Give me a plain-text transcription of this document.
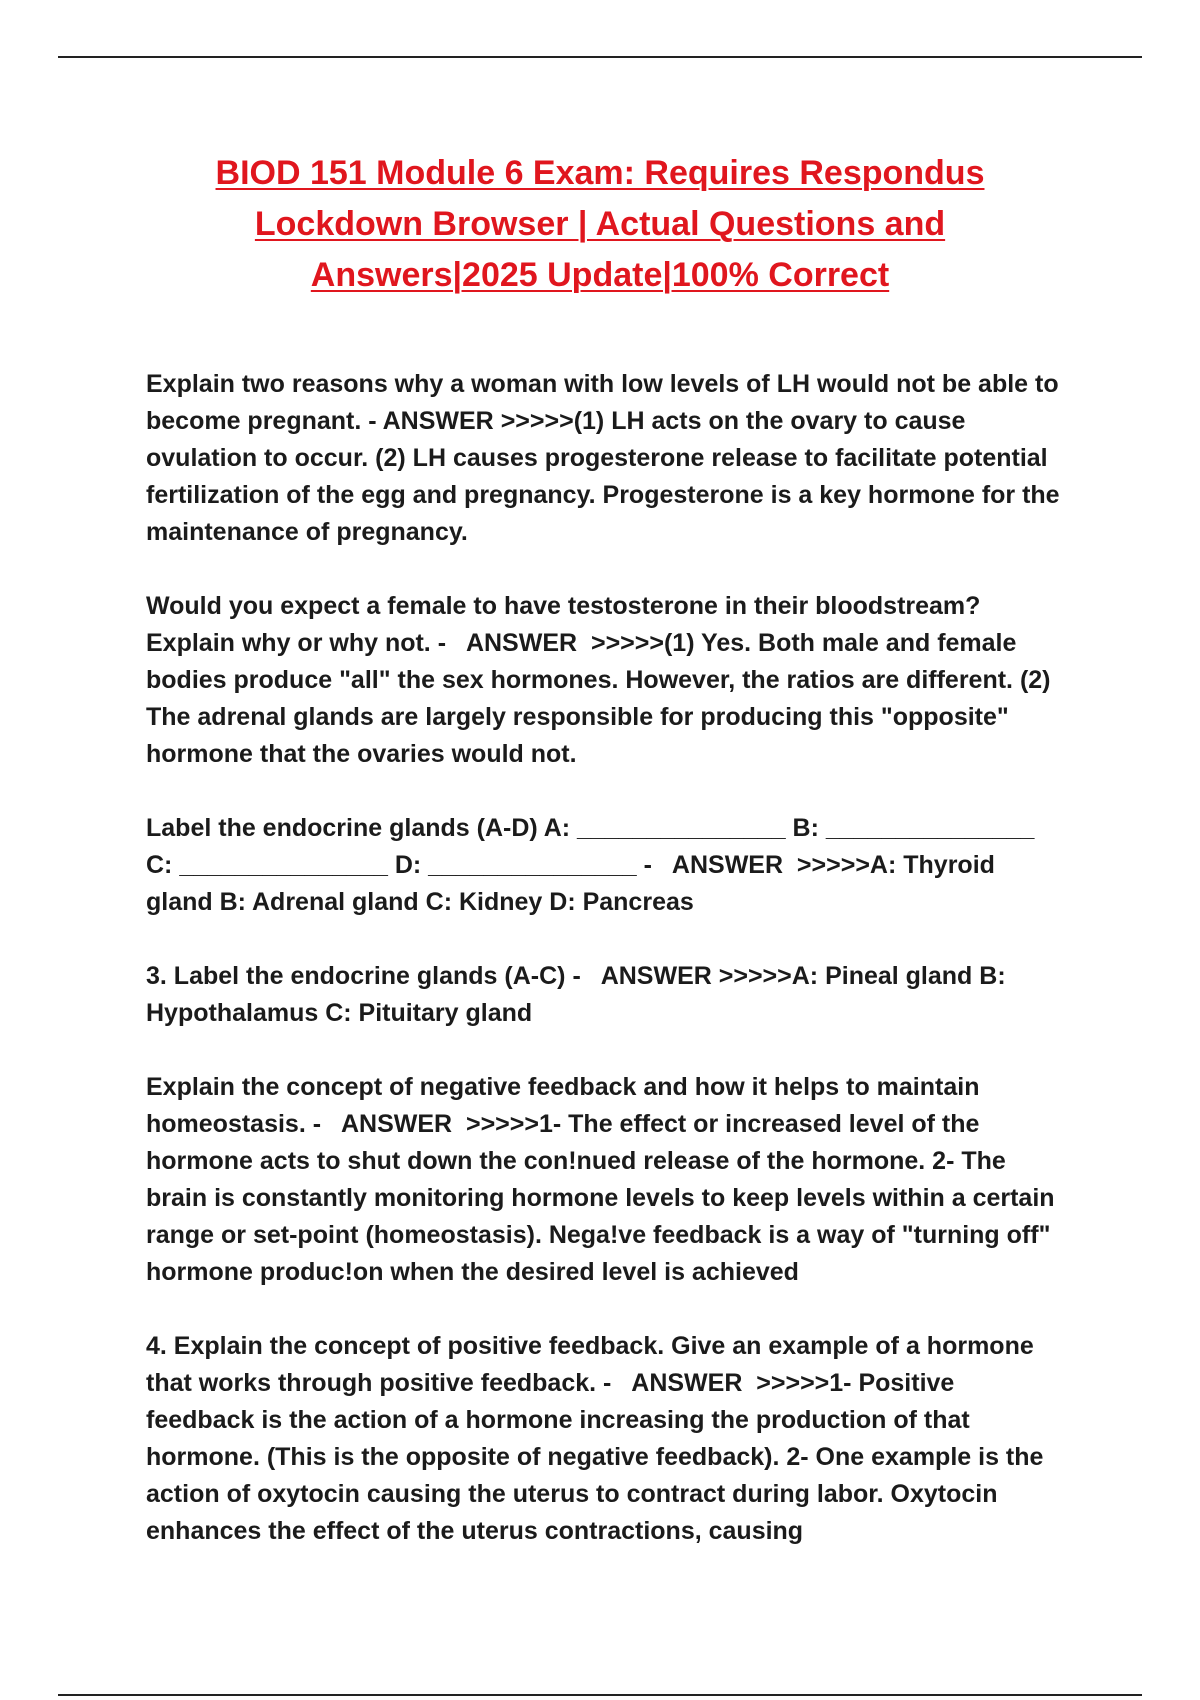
BIOD 151 Module 6 Exam: Requires Respondus Lockdown Browser | Actual Questions and Answers|2025 Update|100% Correct

Explain two reasons why a woman with low levels of LH would not be able to become pregnant. - ANSWER >>>>>(1) LH acts on the ovary to cause ovulation to occur. (2) LH causes progesterone release to facilitate potential fertilization of the egg and pregnancy. Progesterone is a key hormone for the maintenance of pregnancy.

Would you expect a female to have testosterone in their bloodstream? Explain why or why not. -   ANSWER >>>>>(1) Yes. Both male and female bodies produce "all" the sex hormones. However, the ratios are different. (2) The adrenal glands are largely responsible for producing this "opposite" hormone that the ovaries would not.

Label the endocrine glands (A-D) A: _______________ B: _______________ C: _______________ D: _______________ -   ANSWER >>>>>A: Thyroid gland B: Adrenal gland C: Kidney D: Pancreas

3. Label the endocrine glands (A-C) -   ANSWER >>>>>A: Pineal gland B: Hypothalamus C: Pituitary gland

Explain the concept of negative feedback and how it helps to maintain homeostasis. -   ANSWER >>>>>1- The effect or increased level of the hormone acts to shut down the con!nued release of the hormone. 2- The brain is constantly monitoring hormone levels to keep levels within a certain range or set-point (homeostasis). Nega!ve feedback is a way of "turning off" hormone produc!on when the desired level is achieved

4. Explain the concept of positive feedback. Give an example of a hormone that works through positive feedback. -   ANSWER >>>>>1- Positive feedback is the action of a hormone increasing the production of that hormone. (This is the opposite of negative feedback). 2- One example is the action of oxytocin causing the uterus to contract during labor. Oxytocin enhances the effect of the uterus contractions, causing
